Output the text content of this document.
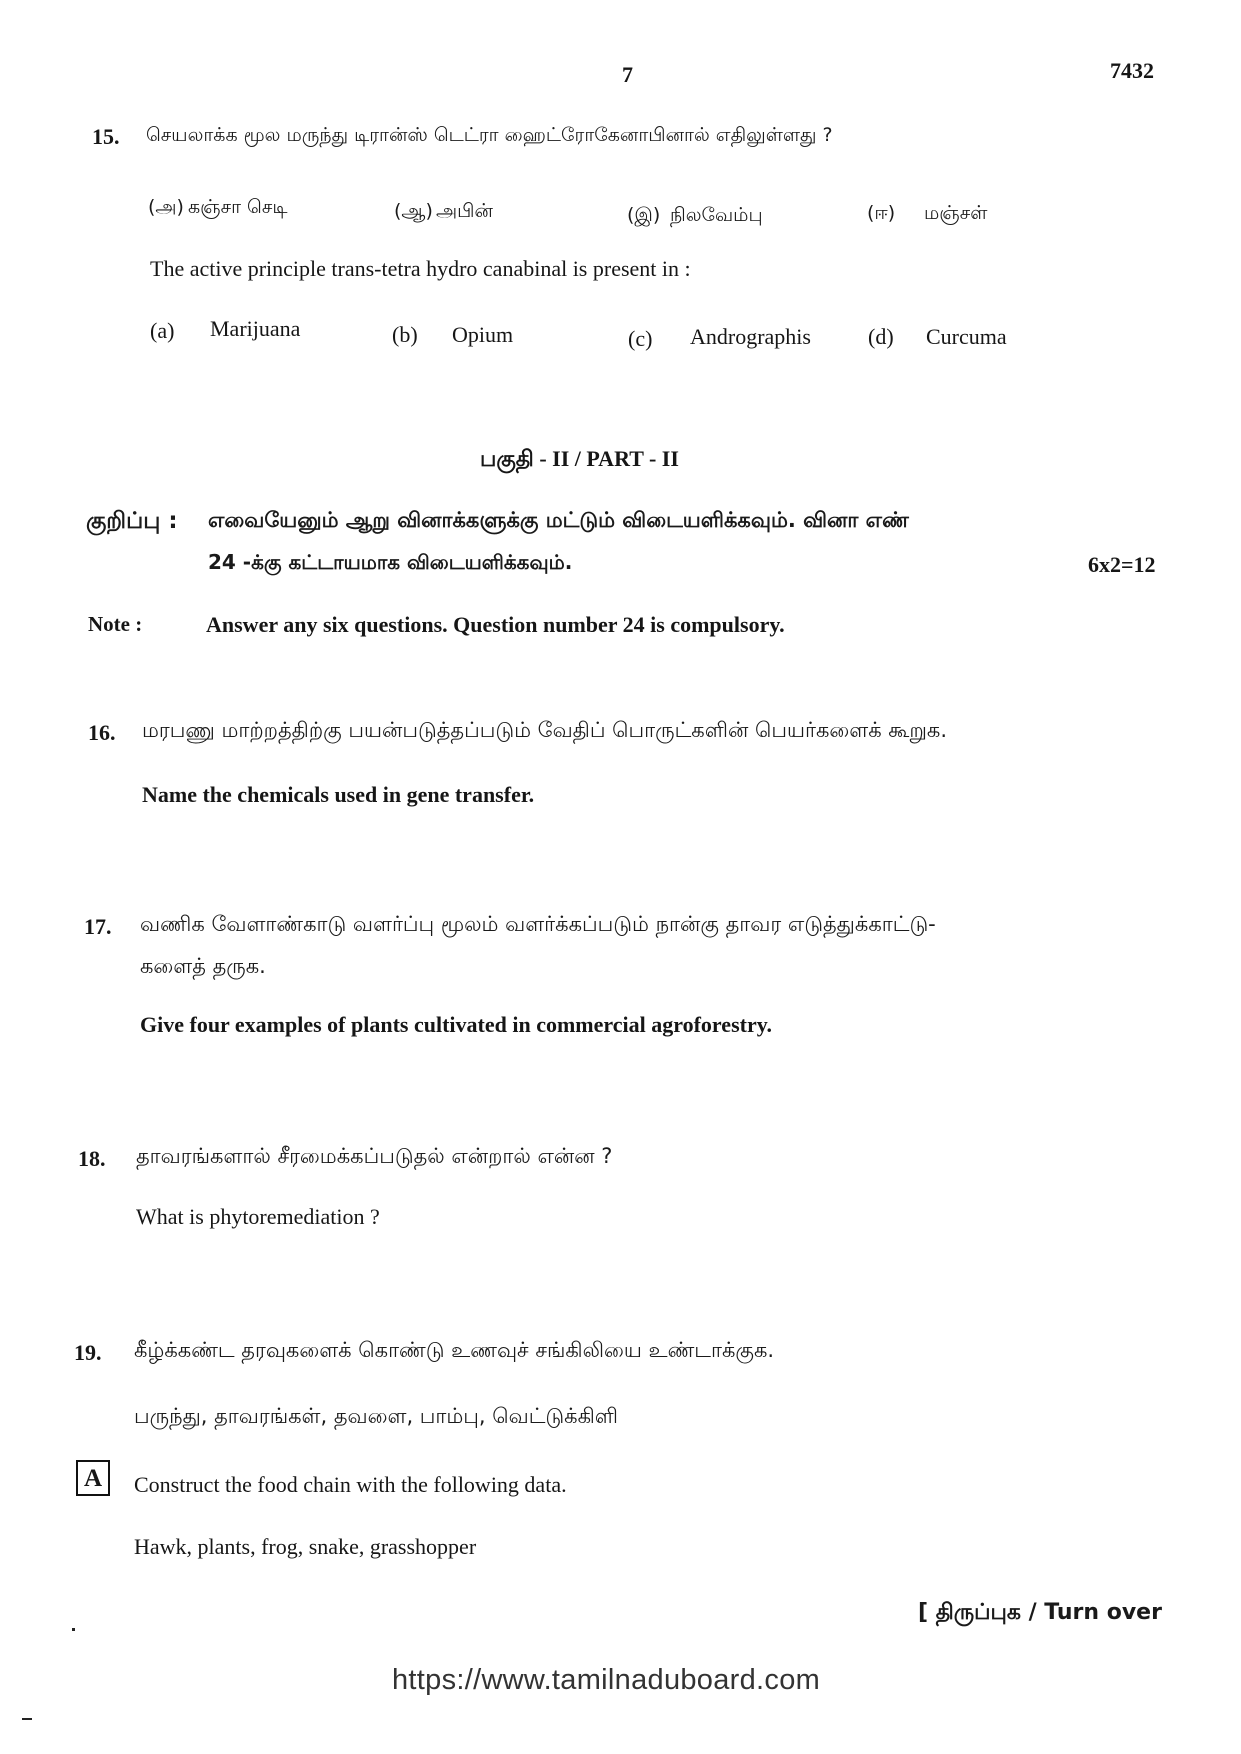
7	7432
15. செயலாக்க மூல மருந்து டிரான்ஸ் டெட்ரா ஹைட்ரோகேனாபினால் எதிலுள்ளது ?
(அ) கஞ்சா செடி	(ஆ) அபின்	(இ) நிலவேம்பு	(ஈ) மஞ்சள்
The active principle trans-tetra hydro canabinal is present in :
(a) Marijuana	(b) Opium	(c) Andrographis	(d) Curcuma
பகுதி - II / PART - II
குறிப்பு : எவையேனும் ஆறு வினாக்களுக்கு மட்டும் விடையளிக்கவும். வினா எண்
24 -க்கு கட்டாயமாக விடையளிக்கவும்.	6x2=12
Note :	Answer any six questions. Question number 24 is compulsory.
16. மரபணு மாற்றத்திற்கு பயன்படுத்தப்படும் வேதிப் பொருட்களின் பெயர்களைக் கூறுக.
Name the chemicals used in gene transfer.
17. வணிக வேளாண்காடு வளர்ப்பு மூலம் வளர்க்கப்படும் நான்கு தாவர எடுத்துக்காட்டு-
களைத் தருக.
Give four examples of plants cultivated in commercial agroforestry.
18. தாவரங்களால் சீரமைக்கப்படுதல் என்றால் என்ன ?
What is phytoremediation ?
19. கீழ்க்கண்ட தரவுகளைக் கொண்டு உணவுச் சங்கிலியை உண்டாக்குக.
பருந்து, தாவரங்கள், தவளை, பாம்பு, வெட்டுக்கிளி
Construct the food chain with the following data.
Hawk, plants, frog, snake, grasshopper
A
[ திருப்புக / Turn over
https://www.tamilnaduboard.com
